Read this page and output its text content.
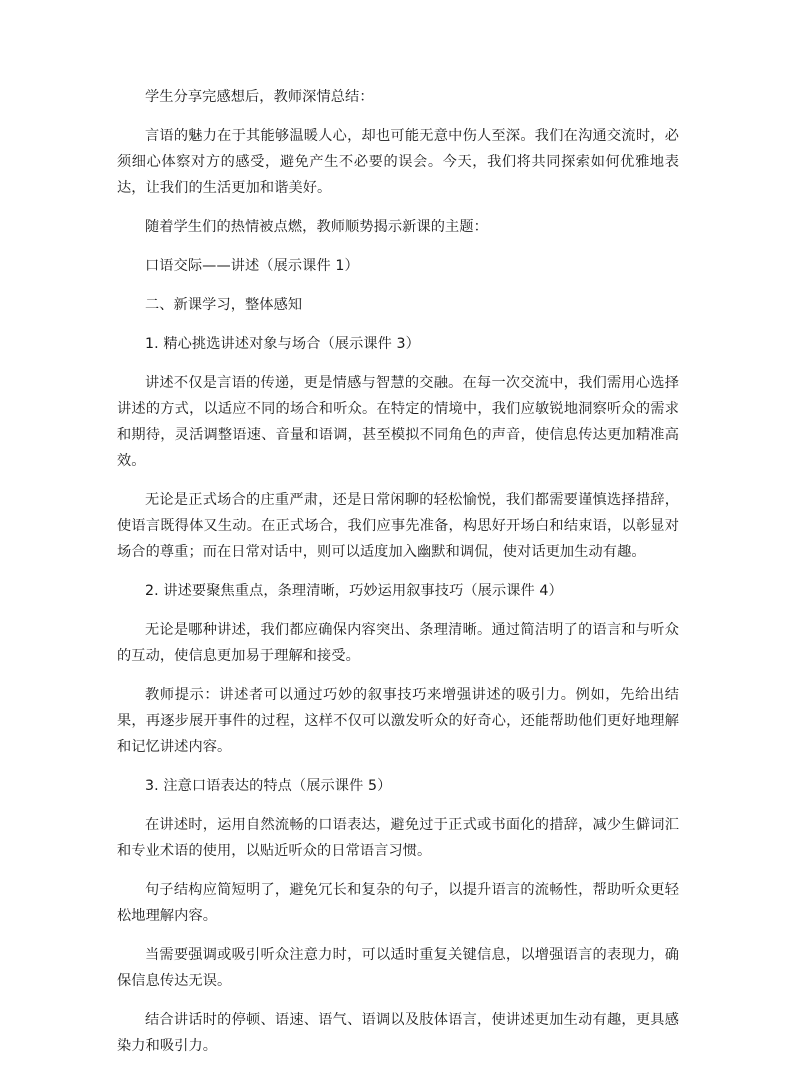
学生分享完感想后，教师深情总结：

言语的魅力在于其能够温暖人心，却也可能无意中伤人至深。我们在沟通交流时，必须细心体察对方的感受，避免产生不必要的误会。今天，我们将共同探索如何优雅地表达，让我们的生活更加和谐美好。

随着学生们的热情被点燃，教师顺势揭示新课的主题：

口语交际——讲述（展示课件 1）

二、新课学习，整体感知

1. 精心挑选讲述对象与场合（展示课件 3）

讲述不仅是言语的传递，更是情感与智慧的交融。在每一次交流中，我们需用心选择讲述的方式，以适应不同的场合和听众。在特定的情境中，我们应敏锐地洞察听众的需求和期待，灵活调整语速、音量和语调，甚至模拟不同角色的声音，使信息传达更加精准高效。

无论是正式场合的庄重严肃，还是日常闲聊的轻松愉悦，我们都需要谨慎选择措辞，使语言既得体又生动。在正式场合，我们应事先准备，构思好开场白和结束语，以彰显对场合的尊重；而在日常对话中，则可以适度加入幽默和调侃，使对话更加生动有趣。

2. 讲述要聚焦重点，条理清晰，巧妙运用叙事技巧（展示课件 4）

无论是哪种讲述，我们都应确保内容突出、条理清晰。通过简洁明了的语言和与听众的互动，使信息更加易于理解和接受。

教师提示：讲述者可以通过巧妙的叙事技巧来增强讲述的吸引力。例如，先给出结果，再逐步展开事件的过程，这样不仅可以激发听众的好奇心，还能帮助他们更好地理解和记忆讲述内容。

3. 注意口语表达的特点（展示课件 5）

在讲述时，运用自然流畅的口语表达，避免过于正式或书面化的措辞，减少生僻词汇和专业术语的使用，以贴近听众的日常语言习惯。

句子结构应简短明了，避免冗长和复杂的句子，以提升语言的流畅性，帮助听众更轻松地理解内容。

当需要强调或吸引听众注意力时，可以适时重复关键信息，以增强语言的表现力，确保信息传达无误。

结合讲话时的停顿、语速、语气、语调以及肢体语言，使讲述更加生动有趣，更具感染力和吸引力。
